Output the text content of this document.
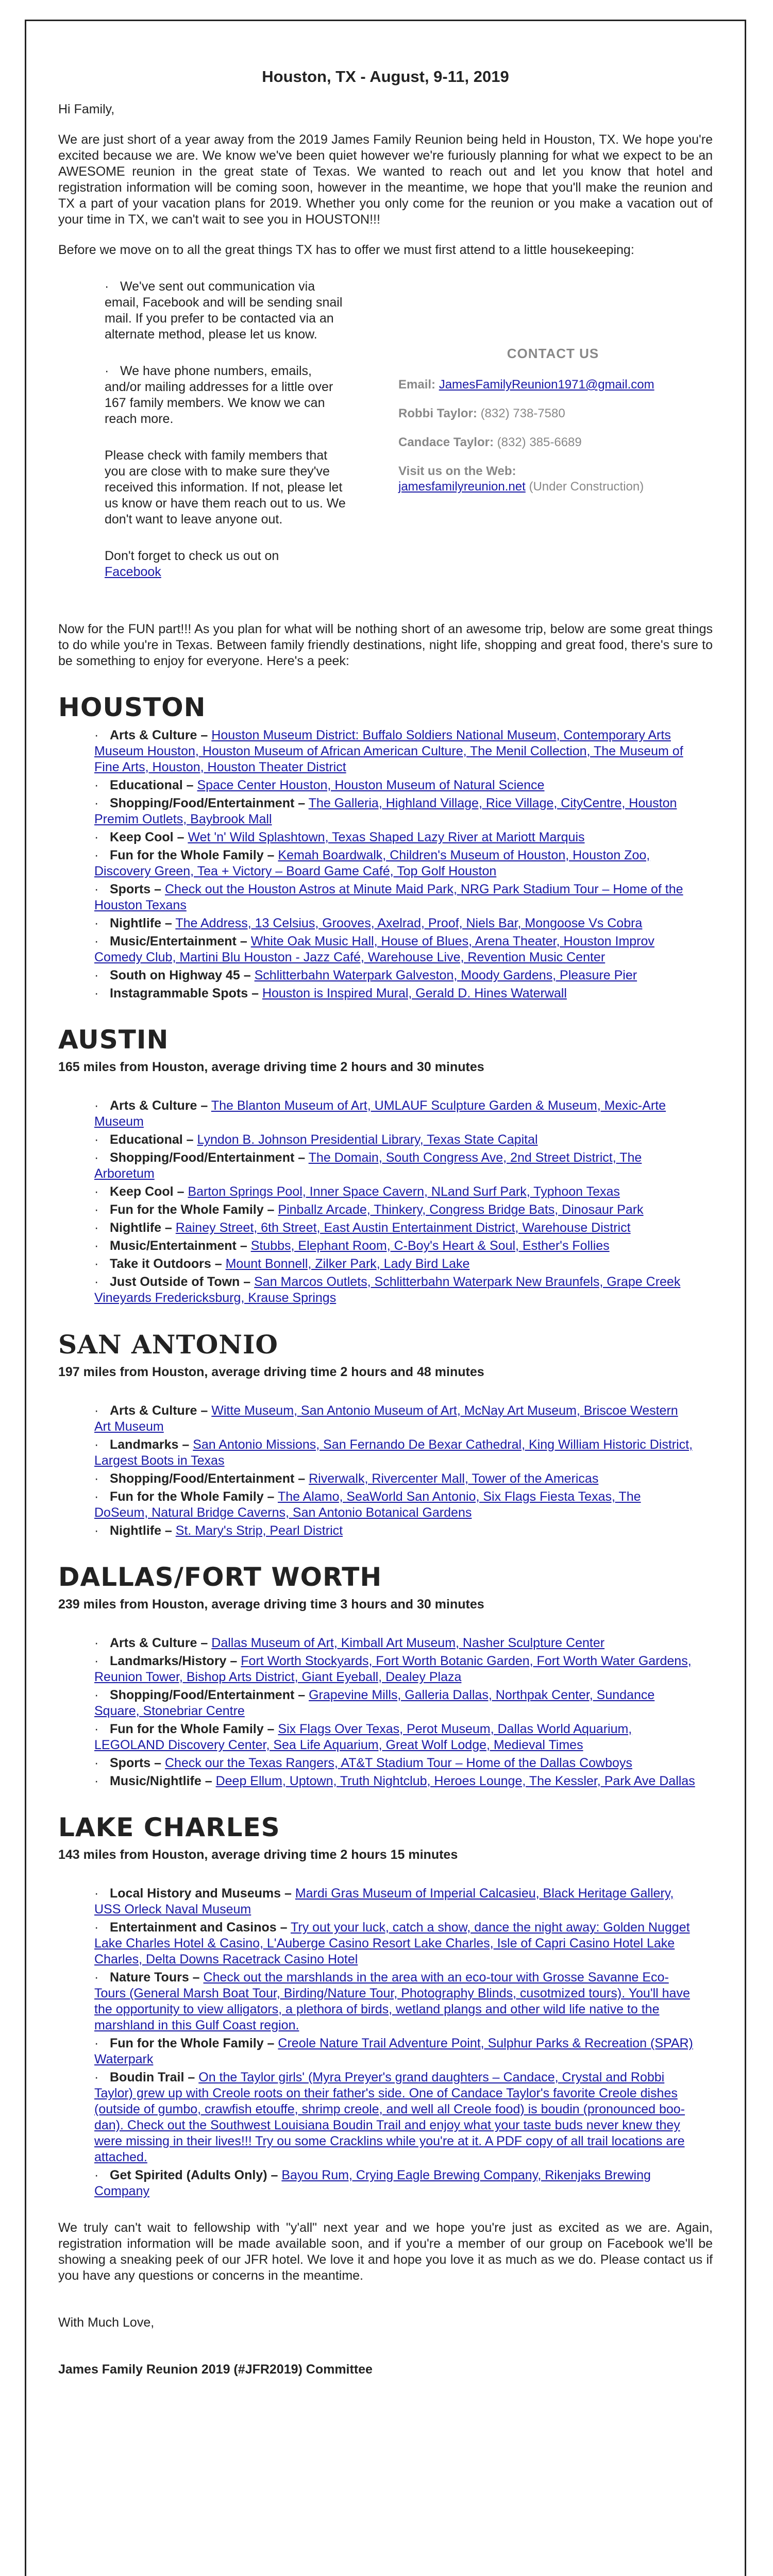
Houston, TX - August, 9-11, 2019

Hi Family,

We are just short of a year away from the 2019 James Family Reunion being held in Houston, TX. We hope you're excited because we are. We know we've been quiet however we're furiously planning for what we expect to be an AWESOME reunion in the great state of Texas. We wanted to reach out and let you know that hotel and registration information will be coming soon, however in the meantime, we hope that you'll make the reunion and TX a part of your vacation plans for 2019. Whether you only come for the reunion or you make a vacation out of your time in TX, we can't wait to see you in HOUSTON!!!

Before we move on to all the great things TX has to offer we must first attend to a little housekeeping:

· We've sent out communication via email, Facebook and will be sending snail mail. If you prefer to be contacted via an alternate method, please let us know.

· We have phone numbers, emails, and/or mailing addresses for a little over 167 family members. We know we can reach more.

Please check with family members that you are close with to make sure they've received this information. If not, please let us know or have them reach out to us. We don't want to leave anyone out.

Don't forget to check us out on
Facebook

CONTACT US
Email: JamesFamilyReunion1971@gmail.com
Robbi Taylor: (832) 738-7580
Candace Taylor: (832) 385-6689
Visit us on the Web:
jamesfamilyreunion.net (Under Construction)

Now for the FUN part!!! As you plan for what will be nothing short of an awesome trip, below are some great things to do while you're in Texas. Between family friendly destinations, night life, shopping and great food, there's sure to be something to enjoy for everyone. Here's a peek:

HOUSTON
· Arts & Culture – Houston Museum District: Buffalo Soldiers National Museum, Contemporary Arts Museum Houston, Houston Museum of African American Culture, The Menil Collection, The Museum of Fine Arts, Houston, Houston Theater District
· Educational – Space Center Houston, Houston Museum of Natural Science
· Shopping/Food/Entertainment – The Galleria, Highland Village, Rice Village, CityCentre, Houston Premim Outlets, Baybrook Mall
· Keep Cool – Wet 'n' Wild Splashtown, Texas Shaped Lazy River at Mariott Marquis
· Fun for the Whole Family – Kemah Boardwalk, Children's Museum of Houston, Houston Zoo, Discovery Green, Tea + Victory – Board Game Café, Top Golf Houston
· Sports – Check out the Houston Astros at Minute Maid Park, NRG Park Stadium Tour – Home of the Houston Texans
· Nightlife – The Address, 13 Celsius, Grooves, Axelrad, Proof, Niels Bar, Mongoose Vs Cobra
· Music/Entertainment – White Oak Music Hall, House of Blues, Arena Theater, Houston Improv Comedy Club, Martini Blu Houston - Jazz Café, Warehouse Live, Revention Music Center
· South on Highway 45 – Schlitterbahn Waterpark Galveston, Moody Gardens, Pleasure Pier
· Instagrammable Spots – Houston is Inspired Mural, Gerald D. Hines Waterwall
AUSTIN
165 miles from Houston, average driving time 2 hours and 30 minutes
· Arts & Culture – The Blanton Museum of Art, UMLAUF Sculpture Garden & Museum, Mexic-Arte Museum
· Educational – Lyndon B. Johnson Presidential Library, Texas State Capital
· Shopping/Food/Entertainment – The Domain, South Congress Ave, 2nd Street District, The Arboretum
· Keep Cool – Barton Springs Pool, Inner Space Cavern, NLand Surf Park, Typhoon Texas
· Fun for the Whole Family – Pinballz Arcade, Thinkery, Congress Bridge Bats, Dinosaur Park
· Nightlife – Rainey Street, 6th Street, East Austin Entertainment District, Warehouse District
· Music/Entertainment – Stubbs, Elephant Room, C-Boy's Heart & Soul, Esther's Follies
· Take it Outdoors – Mount Bonnell, Zilker Park, Lady Bird Lake
· Just Outside of Town – San Marcos Outlets, Schlitterbahn Waterpark New Braunfels, Grape Creek Vineyards Fredericksburg, Krause Springs
SAN ANTONIO
197 miles from Houston, average driving time 2 hours and 48 minutes
· Arts & Culture – Witte Museum, San Antonio Museum of Art, McNay Art Museum, Briscoe Western Art Museum
· Landmarks – San Antonio Missions, San Fernando De Bexar Cathedral, King William Historic District, Largest Boots in Texas
· Shopping/Food/Entertainment – Riverwalk, Rivercenter Mall, Tower of the Americas
· Fun for the Whole Family – The Alamo, SeaWorld San Antonio, Six Flags Fiesta Texas, The DoSeum, Natural Bridge Caverns, San Antonio Botanical Gardens
· Nightlife – St. Mary's Strip, Pearl District
DALLAS/FORT WORTH
239 miles from Houston, average driving time 3 hours and 30 minutes
· Arts & Culture – Dallas Museum of Art, Kimball Art Museum, Nasher Sculpture Center
· Landmarks/History – Fort Worth Stockyards, Fort Worth Botanic Garden, Fort Worth Water Gardens, Reunion Tower, Bishop Arts District, Giant Eyeball, Dealey Plaza
· Shopping/Food/Entertainment – Grapevine Mills, Galleria Dallas, Northpak Center, Sundance Square, Stonebriar Centre
· Fun for the Whole Family – Six Flags Over Texas, Perot Museum, Dallas World Aquarium, LEGOLAND Discovery Center, Sea Life Aquarium, Great Wolf Lodge, Medieval Times
· Sports – Check our the Texas Rangers, AT&T Stadium Tour – Home of the Dallas Cowboys
· Music/Nightlife – Deep Ellum, Uptown, Truth Nightclub, Heroes Lounge, The Kessler, Park Ave Dallas
LAKE CHARLES
143 miles from Houston, average driving time 2 hours 15 minutes
· Local History and Museums – Mardi Gras Museum of Imperial Calcasieu, Black Heritage Gallery, USS Orleck Naval Museum
· Entertainment and Casinos – Try out your luck, catch a show, dance the night away: Golden Nugget Lake Charles Hotel & Casino, L'Auberge Casino Resort Lake Charles, Isle of Capri Casino Hotel Lake Charles, Delta Downs Racetrack Casino Hotel
· Nature Tours – Check out the marshlands in the area with an eco-tour with Grosse Savanne Eco-Tours (General Marsh Boat Tour, Birding/Nature Tour, Photography Blinds, cusotmized tours). You'll have the opportunity to view alligators, a plethora of birds, wetland plangs and other wild life native to the marshland in this Gulf Coast region.
· Fun for the Whole Family – Creole Nature Trail Adventure Point, Sulphur Parks & Recreation (SPAR) Waterpark
· Boudin Trail – On the Taylor girls' (Myra Preyer's grand daughters – Candace, Crystal and Robbi Taylor) grew up with Creole roots on their father's side. One of Candace Taylor's favorite Creole dishes (outside of gumbo, crawfish etouffe, shrimp creole, and well all Creole food) is boudin (pronounced boo-dan). Check out the Southwest Louisiana Boudin Trail and enjoy what your taste buds never knew they were missing in their lives!!! Try ou some Cracklins while you're at it. A PDF copy of all trail locations are attached.
· Get Spirited (Adults Only) – Bayou Rum, Crying Eagle Brewing Company, Rikenjaks Brewing Company

We truly can't wait to fellowship with "y'all" next year and we hope you're just as excited as we are. Again, registration information will be made available soon, and if you're a member of our group on Facebook we'll be showing a sneaking peek of our JFR hotel. We love it and hope you love it as much as we do. Please contact us if you have any questions or concerns in the meantime.

With Much Love,

James Family Reunion 2019 (#JFR2019) Committee
